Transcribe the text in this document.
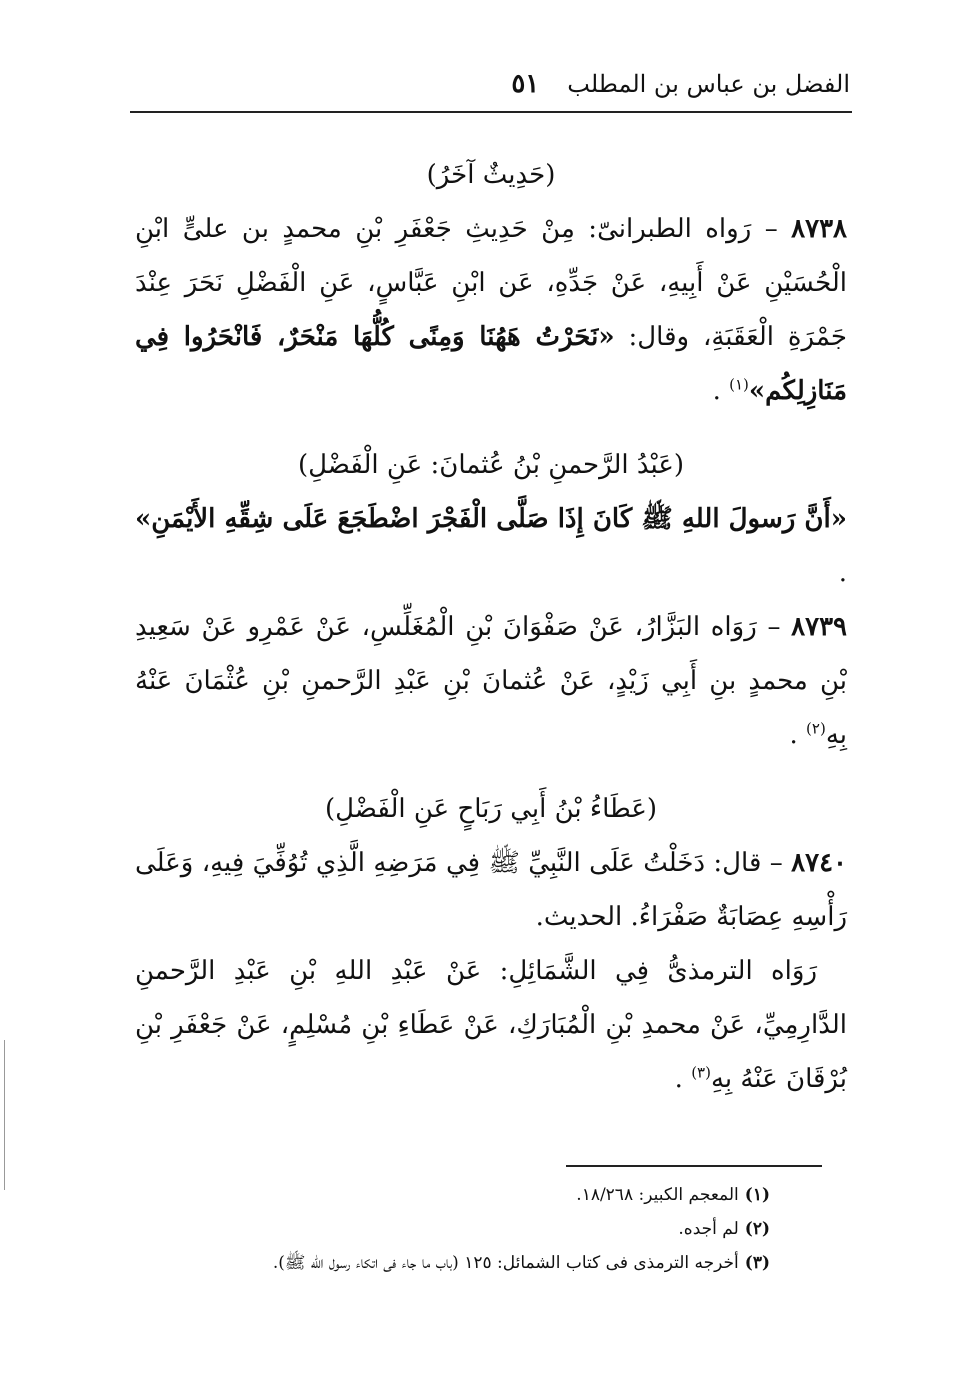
الفضل بن عباس بن المطلب
٥١

(حَدِيثٌ آخَرُ)

٨٧٣٨ – رَواه الطبرانىّ: مِنْ حَدِيثِ جَعْفَرِ بْنِ محمدٍ بن علىٍّ ابْنِ الْحُسَيْنِ عَنْ أَبِيهِ، عَنْ جَدِّهِ، عَن ابْنِ عَبَّاسٍ، عَنِ الْفَضْلِ نَحَرَ عِنْدَ جَمْرَةِ الْعَقَبَةِ، وقال: «نَحَرْتُ هَهُنَا وَمِنًى كُلُّهَا مَنْحَرٌ، فَانْحَرُوا فِي مَنَازِلِكُم»$^{(١)}$ .

(عَبْدُ الرَّحمنِ بْنُ عُثمانَ: عَنِ الْفَضْلِ)

«أَنَّ رَسولَ اللهِ ﷺ كَانَ إِذَا صَلَّى الْفَجْرَ اضْطَجَعَ عَلَى شِقِّهِ الأَيْمَنِ» .

٨٧٣٩ – رَوَاه البَزَّارُ، عَنْ صَفْوَانَ بْنِ الْمُغَلِّسِ، عَنْ عَمْرِو عَنْ سَعِيدِ بْنِ محمدٍ بنِ أَبِي زَيْدٍ، عَنْ عُثمانَ بْنِ عَبْدِ الرَّحمنِ بْنِ عُثْمَانَ عَنْهُ بِهِ$^{(٢)}$ .

(عَطَاءُ بْنُ أَبِي رَبَاحٍ عَنِ الْفَضْلِ)

٨٧٤٠ – قال: دَخَلْتُ عَلَى النَّبِيِّ ﷺ فِي مَرَضِهِ الَّذِي تُوُفِّيَ فِيهِ، وَعَلَى رَأْسِهِ عِصَابَةٌ صَفْرَاءُ. الحديث.

رَوَاه الترمذىُّ فِي الشَّمَائِلِ: عَنْ عَبْدِ اللهِ بْنِ عَبْدِ الرَّحمنِ الدَّارِمِيِّ، عَنْ محمدِ بْنِ الْمُبَارَكِ، عَنْ عَطَاءِ بْنِ مُسْلِمٍ، عَنْ جَعْفَرِ بْنِ بُرْقَانَ عَنْهُ بِهِ$^{(٣)}$ .

(١)المعجم الكبير: ١٨/٢٦٨.

(٢)لم أجده.

(٣)أخرجه الترمذى فى كتاب الشمائل: ١٢٥ (باب ما جاء فى اتكاء رسول الله ﷺ).
